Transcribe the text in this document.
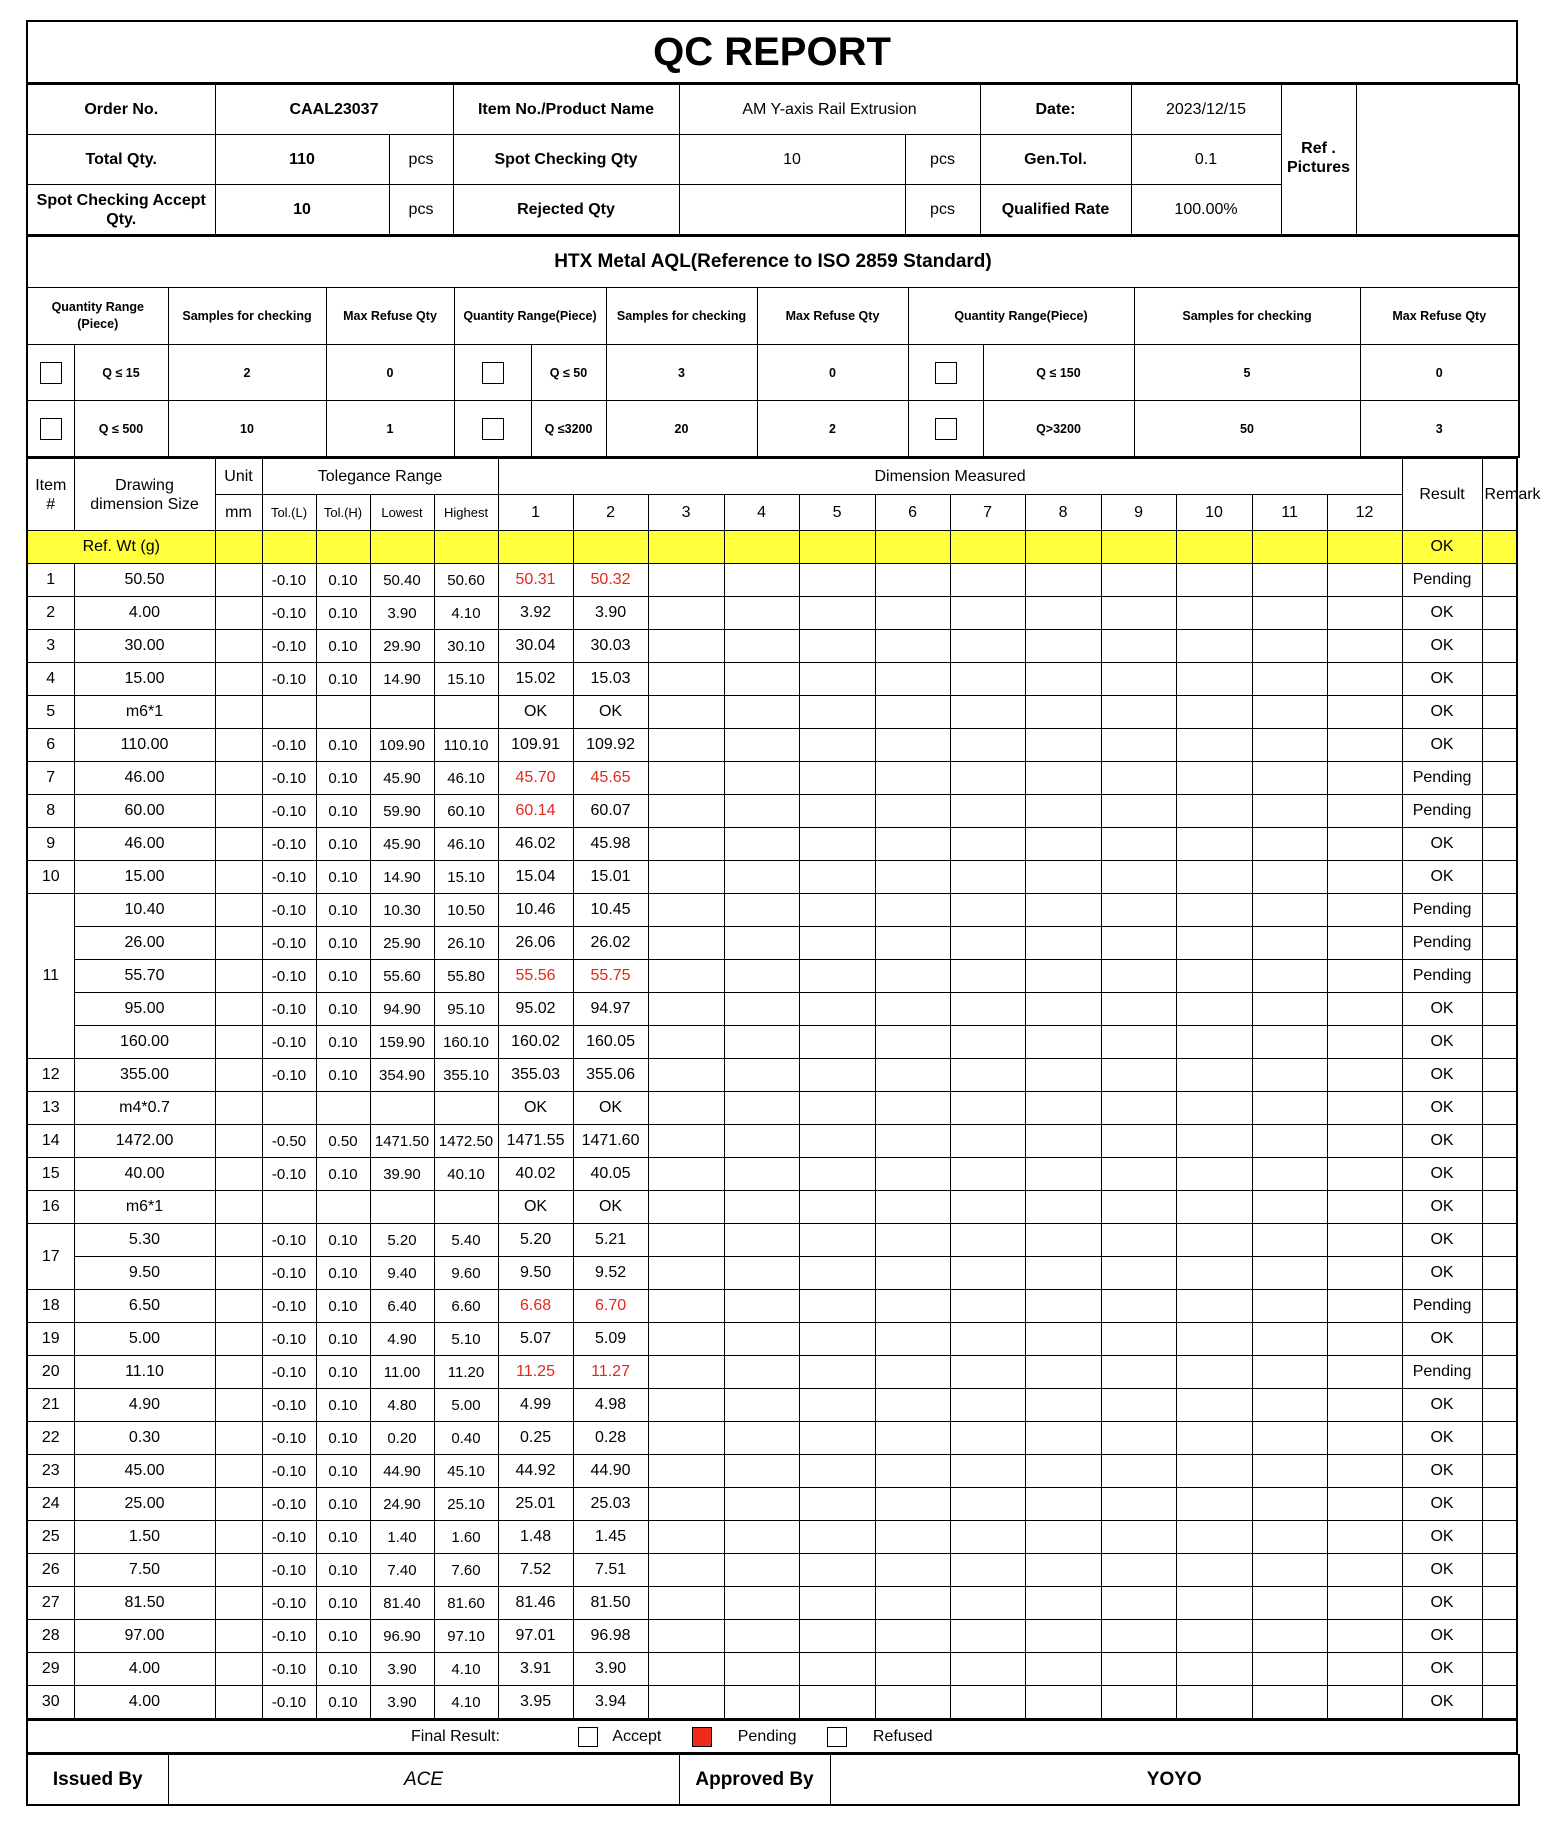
QC REPORT
Order No.	CAAL23037		Item No./Product Name	AM Y-axis Rail Extrusion		Date:	2023/12/15	Ref . Pictures	
Total Qty.	110	pcs	Spot Checking Qty	10	pcs	Gen.Tol.	0.1		
Spot Checking Accept Qty.	10	pcs	Rejected Qty		pcs	Qualified Rate	100.00%		
HTX Metal AQL(Reference to ISO 2859 Standard)											
Quantity Range (Piece)		Samples for checking	Max Refuse Qty	Quantity Range(Piece)		Samples for checking	Max Refuse Qty	Quantity Range(Piece)		Samples for checking	Max Refuse Qty
	Q ≤ 15	2	0		Q ≤ 50	3	0		Q ≤ 150	5	0
	Q ≤ 500	10	1		Q ≤3200	20	2		Q>3200	50	3
Item #	Drawing dimension Size	Unit	Tolegance Range				Dimension Measured												Result	Remark
		mm	Tol.(L)	Tol.(H)	Lowest	Highest	1	2	3	4	5	6	7	8	9	10	11	12		
Ref. Wt (g)																			OK	
1	50.50		-0.10	0.10	50.40	50.60	50.31	50.32											Pending	
2	4.00		-0.10	0.10	3.90	4.10	3.92	3.90											OK	
3	30.00		-0.10	0.10	29.90	30.10	30.04	30.03											OK	
4	15.00		-0.10	0.10	14.90	15.10	15.02	15.03											OK	
5	m6*1						OK	OK											OK	
6	110.00		-0.10	0.10	109.90	110.10	109.91	109.92											OK	
7	46.00		-0.10	0.10	45.90	46.10	45.70	45.65											Pending	
8	60.00		-0.10	0.10	59.90	60.10	60.14	60.07											Pending	
9	46.00		-0.10	0.10	45.90	46.10	46.02	45.98											OK	
10	15.00		-0.10	0.10	14.90	15.10	15.04	15.01											OK	
11	10.40		-0.10	0.10	10.30	10.50	10.46	10.45											Pending	
	26.00		-0.10	0.10	25.90	26.10	26.06	26.02											Pending	
	55.70		-0.10	0.10	55.60	55.80	55.56	55.75											Pending	
	95.00		-0.10	0.10	94.90	95.10	95.02	94.97											OK	
	160.00		-0.10	0.10	159.90	160.10	160.02	160.05											OK	
12	355.00		-0.10	0.10	354.90	355.10	355.03	355.06											OK	
13	m4*0.7						OK	OK											OK	
14	1472.00		-0.50	0.50	1471.50	1472.50	1471.55	1471.60											OK	
15	40.00		-0.10	0.10	39.90	40.10	40.02	40.05											OK	
16	m6*1						OK	OK											OK	
17	5.30		-0.10	0.10	5.20	5.40	5.20	5.21											OK	
	9.50		-0.10	0.10	9.40	9.60	9.50	9.52											OK	
18	6.50		-0.10	0.10	6.40	6.60	6.68	6.70											Pending	
19	5.00		-0.10	0.10	4.90	5.10	5.07	5.09											OK	
20	11.10		-0.10	0.10	11.00	11.20	11.25	11.27											Pending	
21	4.90		-0.10	0.10	4.80	5.00	4.99	4.98											OK	
22	0.30		-0.10	0.10	0.20	0.40	0.25	0.28											OK	
23	45.00		-0.10	0.10	44.90	45.10	44.92	44.90											OK	
24	25.00		-0.10	0.10	24.90	25.10	25.01	25.03											OK	
25	1.50		-0.10	0.10	1.40	1.60	1.48	1.45											OK	
26	7.50		-0.10	0.10	7.40	7.60	7.52	7.51											OK	
27	81.50		-0.10	0.10	81.40	81.60	81.46	81.50											OK	
28	97.00		-0.10	0.10	96.90	97.10	97.01	96.98											OK	
29	4.00		-0.10	0.10	3.90	4.10	3.91	3.90											OK	
30	4.00		-0.10	0.10	3.90	4.10	3.95	3.94											OK	
Final Result:	Accept	Pending	Refused
Issued By	ACE	Approved By	YOYO
